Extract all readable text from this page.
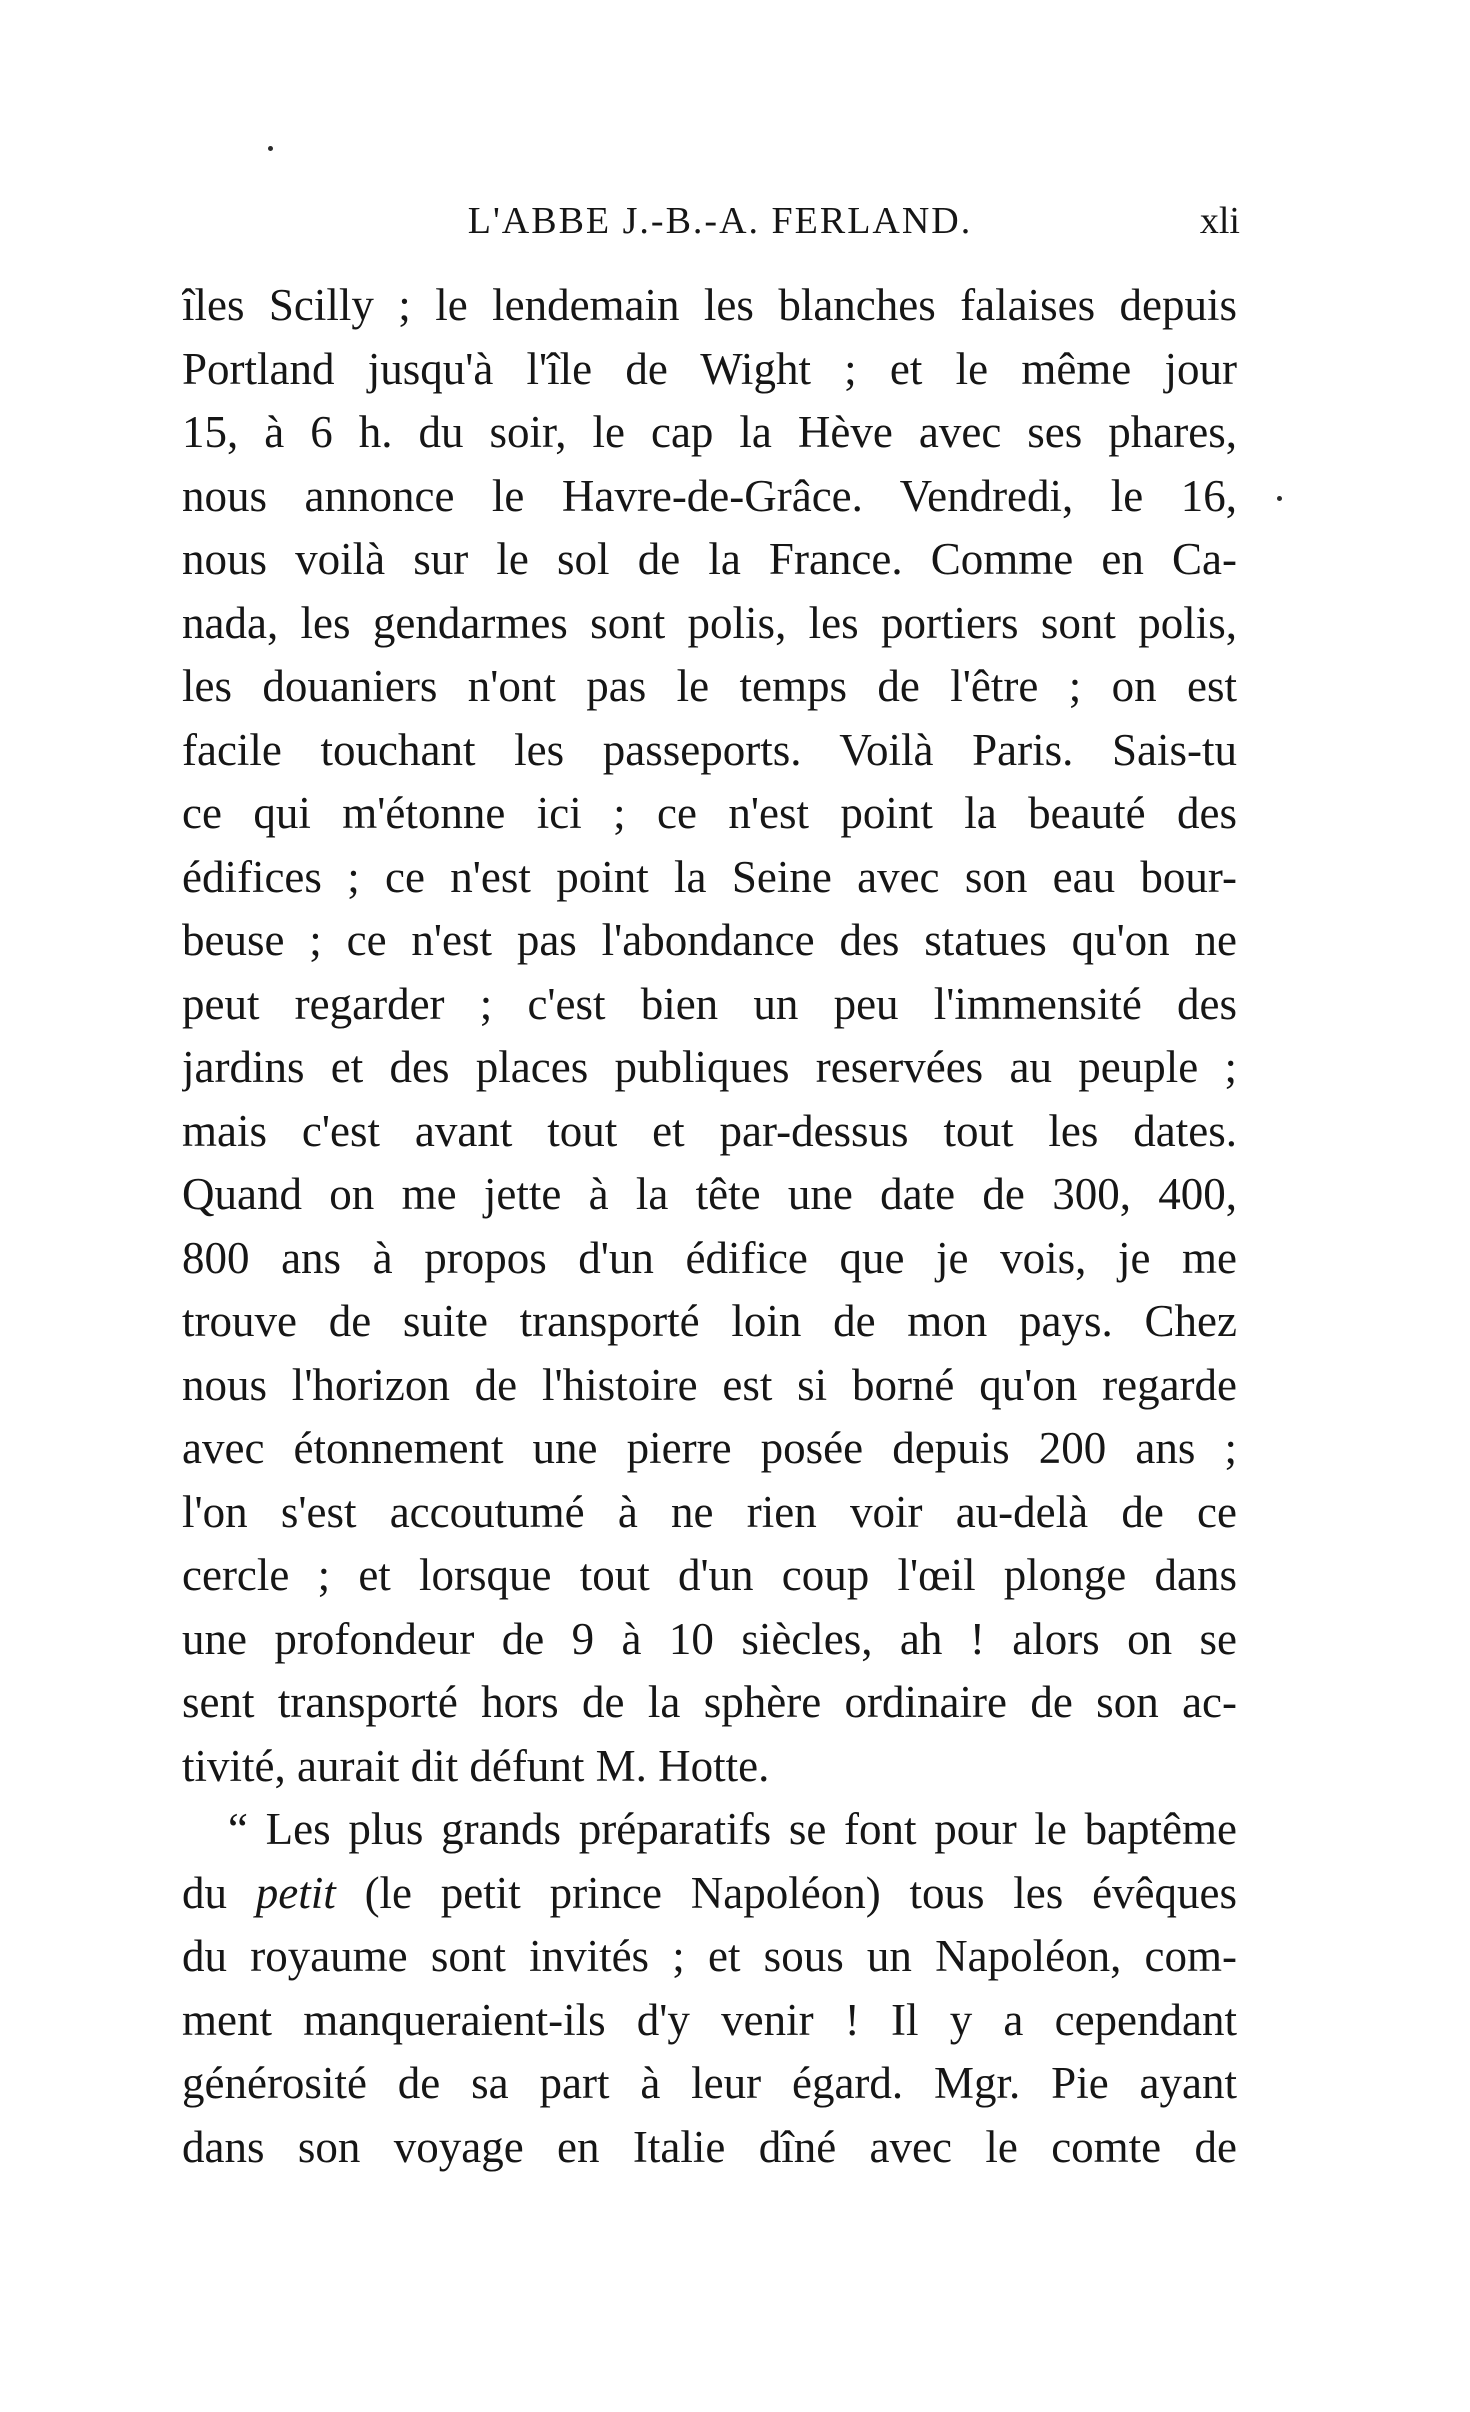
L'ABBE J.-B.-A. FERLAND.	xli
îles Scilly ; le lendemain les blanches falaises depuis
Portland jusqu'à l'île de Wight ; et le même jour
15, à 6 h. du soir, le cap la Hève avec ses phares,
nous annonce le Havre-de-Grâce. Vendredi, le 16,
nous voilà sur le sol de la France. Comme en Ca-
nada, les gendarmes sont polis, les portiers sont polis,
les douaniers n'ont pas le temps de l'être ; on est
facile touchant les passeports. Voilà Paris. Sais-tu
ce qui m'étonne ici ; ce n'est point la beauté des
édifices ; ce n'est point la Seine avec son eau bour-
beuse ; ce n'est pas l'abondance des statues qu'on ne
peut regarder ; c'est bien un peu l'immensité des
jardins et des places publiques reservées au peuple ;
mais c'est avant tout et par-dessus tout les dates.
Quand on me jette à la tête une date de 300, 400,
800 ans à propos d'un édifice que je vois, je me
trouve de suite transporté loin de mon pays. Chez
nous l'horizon de l'histoire est si borné qu'on regarde
avec étonnement une pierre posée depuis 200 ans ;
l'on s'est accoutumé à ne rien voir au-delà de ce
cercle ; et lorsque tout d'un coup l'œil plonge dans
une profondeur de 9 à 10 siècles, ah ! alors on se
sent transporté hors de la sphère ordinaire de son ac-
tivité, aurait dit défunt M. Hotte.
“ Les plus grands préparatifs se font pour le baptême
du petit (le petit prince Napoléon) tous les évêques
du royaume sont invités ; et sous un Napoléon, com-
ment manqueraient-ils d'y venir ! Il y a cependant
générosité de sa part à leur égard. Mgr. Pie ayant
dans son voyage en Italie dîné avec le comte de
